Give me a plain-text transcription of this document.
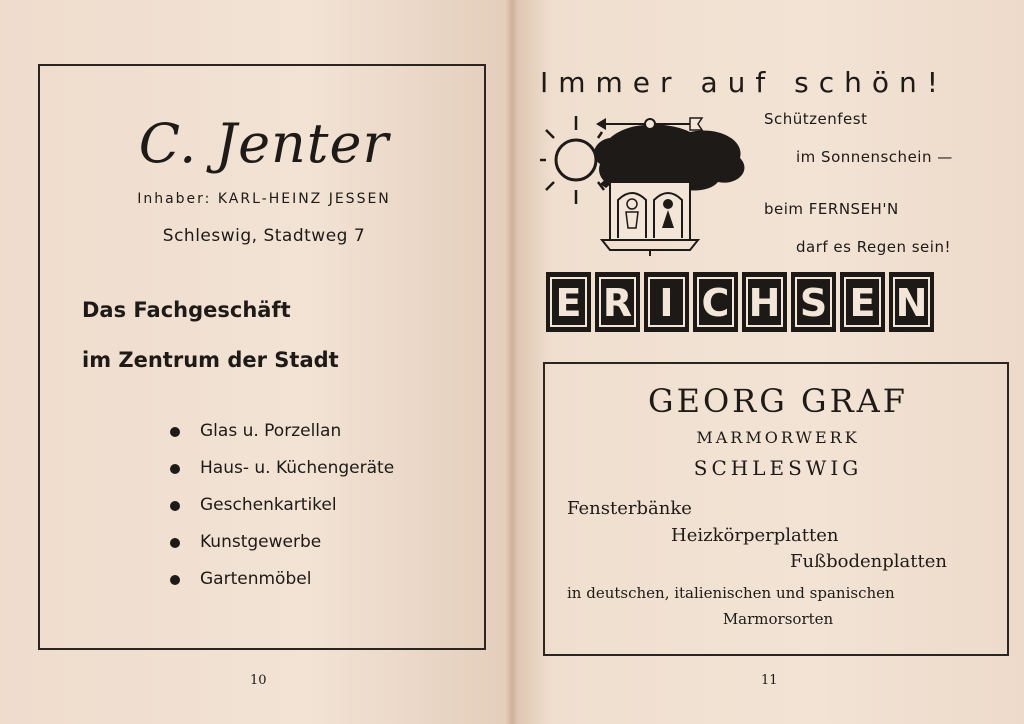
C. Jenter
Inhaber: KARL-HEINZ JESSEN
Schleswig, Stadtweg 7
Das Fachgeschäft
im Zentrum der Stadt
Glas u. Porzellan
Haus- u. Küchengeräte
Geschenkartikel
Kunstgewerbe
Gartenmöbel
10
Immer auf schön!
Schützenfest
im Sonnenschein —
beim FERNSEH'N
darf es Regen sein!
E R I C H S E N
GEORG GRAF
MARMORWERK
SCHLESWIG
Fensterbänke
Heizkörperplatten
Fußbodenplatten
in deutschen, italienischen und spanischen
Marmorsorten
11
